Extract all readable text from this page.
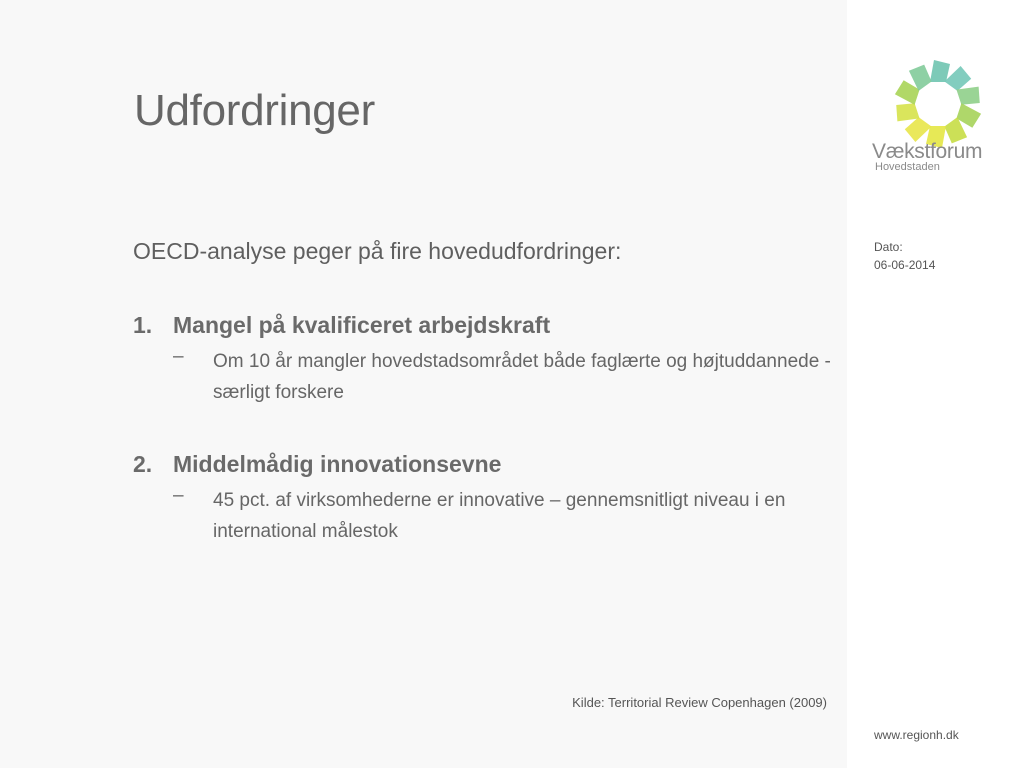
Udfordringer
OECD-analyse peger på fire hovedudfordringer:
1. Mangel på kvalificeret arbejdskraft
– Om 10 år mangler hovedstadsområdet både faglærte og højtuddannede - særligt forskere
2. Middelmådig innovationsevne
– 45 pct. af virksomhederne er innovative – gennemsnitligt niveau i en international målestok
Kilde: Territorial Review Copenhagen (2009)
Vækstforum
Hovedstaden
Dato:
06-06-2014
www.regionh.dk
